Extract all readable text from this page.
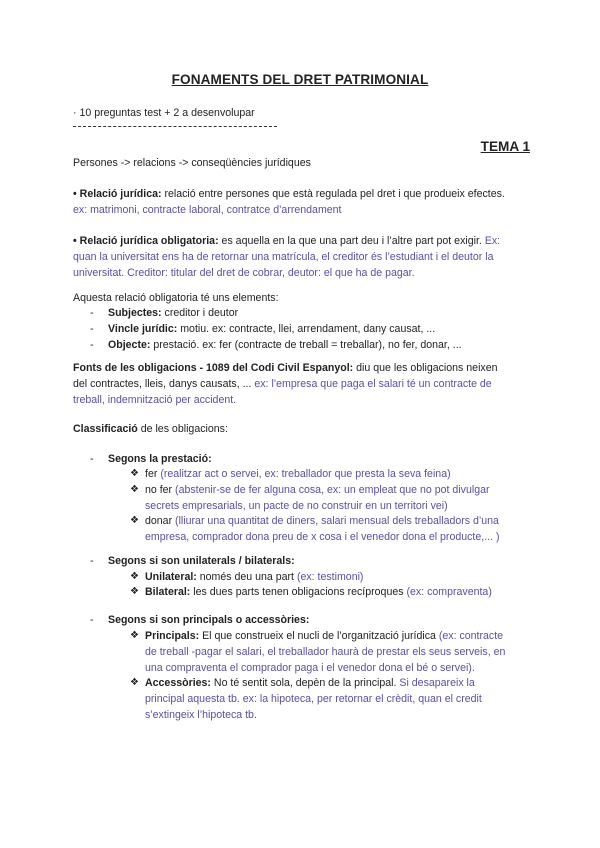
FONAMENTS DEL DRET PATRIMONIAL
· 10 preguntas test + 2 a desenvolupar
TEMA 1
Persones -> relacions -> conseqüències jurídiques
• Relació jurídica: relació entre persones que està regulada pel dret i que produeix efectes.
ex: matrimoni, contracte laboral, contratce d’arrendament
• Relació jurídica obligatoria: es aquella en la que una part deu i l’altre part pot exigir. Ex:
quan la universitat ens ha de retornar una matrícula, el creditor és l’estudiant i el deutor la
universitat. Creditor: titular del dret de cobrar, deutor: el que ha de pagar.
Aquesta relació obligatoria té uns elements:
- Subjectes: creditor i deutor
- Vincle jurídic: motiu. ex: contracte, llei, arrendament, dany causat, ...
- Objecte: prestació. ex: fer (contracte de treball = treballar), no fer, donar, ...
Fonts de les obligacions - 1089 del Codi Civil Espanyol: diu que les obligacions neixen
del contractes, lleis, danys causats, ... ex: l’empresa que paga el salari té un contracte de
treball, indemnització per accident.
Classificació de les obligacions:
- Segons la prestació:
❖ fer (realitzar act o servei, ex: treballador que presta la seva feina)
❖ no fer (abstenir-se de fer alguna cosa, ex: un empleat que no pot divulgar
secrets empresarials, un pacte de no construir en un territori vei)
❖ donar (lliurar una quantitat de diners, salari mensual dels treballadors d’una
empresa, comprador dona preu de x cosa i el venedor dona el producte,... )
- Segons si son unilaterals / bilaterals:
❖ Unilateral: només deu una part (ex: testimoni)
❖ Bilateral: les dues parts tenen obligacions recíproques (ex: compraventa)
- Segons si son principals o accessòries:
❖ Principals: El que construeix el nucli de l’organització jurídica (ex: contracte
de treball -pagar el salari, el treballador haurà de prestar els seus serveis, en
una compraventa el comprador paga i el venedor dona el bé o servei).
❖ Accessòries: No té sentit sola, depèn de la principal. Si desapareix la
principal aquesta tb. ex: la hipoteca, per retornar el crèdit, quan el credit
s’extingeix l’hipoteca tb.
